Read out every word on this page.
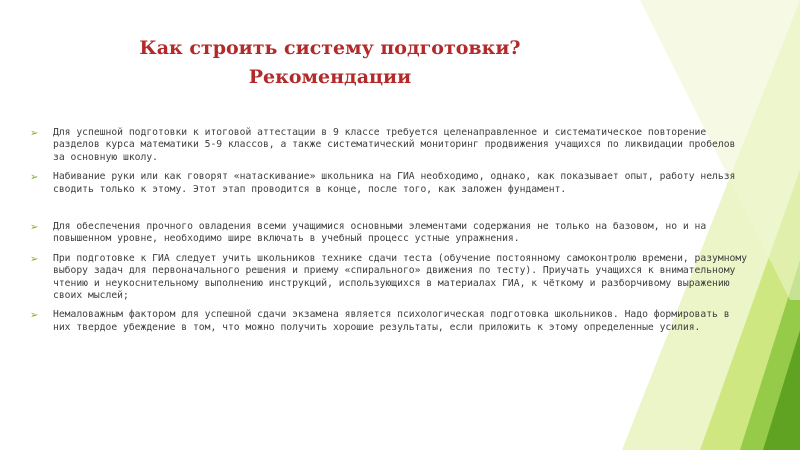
Как строить систему подготовки?
Рекомендации
➢ Для успешной подготовки к итоговой аттестации в 9 классе требуется целенаправленное и систематическое повторение разделов курса математики 5-9 классов, а также систематический мониторинг продвижения учащихся по ликвидации пробелов за основную школу.
➢ Набивание руки или как говорят «натаскивание» школьника на ГИА необходимо, однако, как показывает опыт, работу нельзя сводить только к этому. Этот этап проводится в конце, после того, как заложен фундамент.
➢ Для обеспечения прочного овладения всеми учащимися основными элементами содержания не только на базовом, но и на повышенном уровне, необходимо шире включать в учебный процесс устные упражнения.
➢ При подготовке к ГИА следует учить школьников технике сдачи теста (обучение постоянному самоконтролю времени, разумному выбору задач для первоначального решения и приему «спирального» движения по тесту). Приучать учащихся к внимательному чтению и неукоснительному выполнению инструкций, использующихся в материалах ГИА, к чёткому и разборчивому выражению своих мыслей;
➢ Немаловажным фактором для успешной сдачи экзамена является психологическая подготовка школьников. Надо формировать в них твердое убеждение в том, что можно получить хорошие результаты, если приложить к этому определенные усилия.
